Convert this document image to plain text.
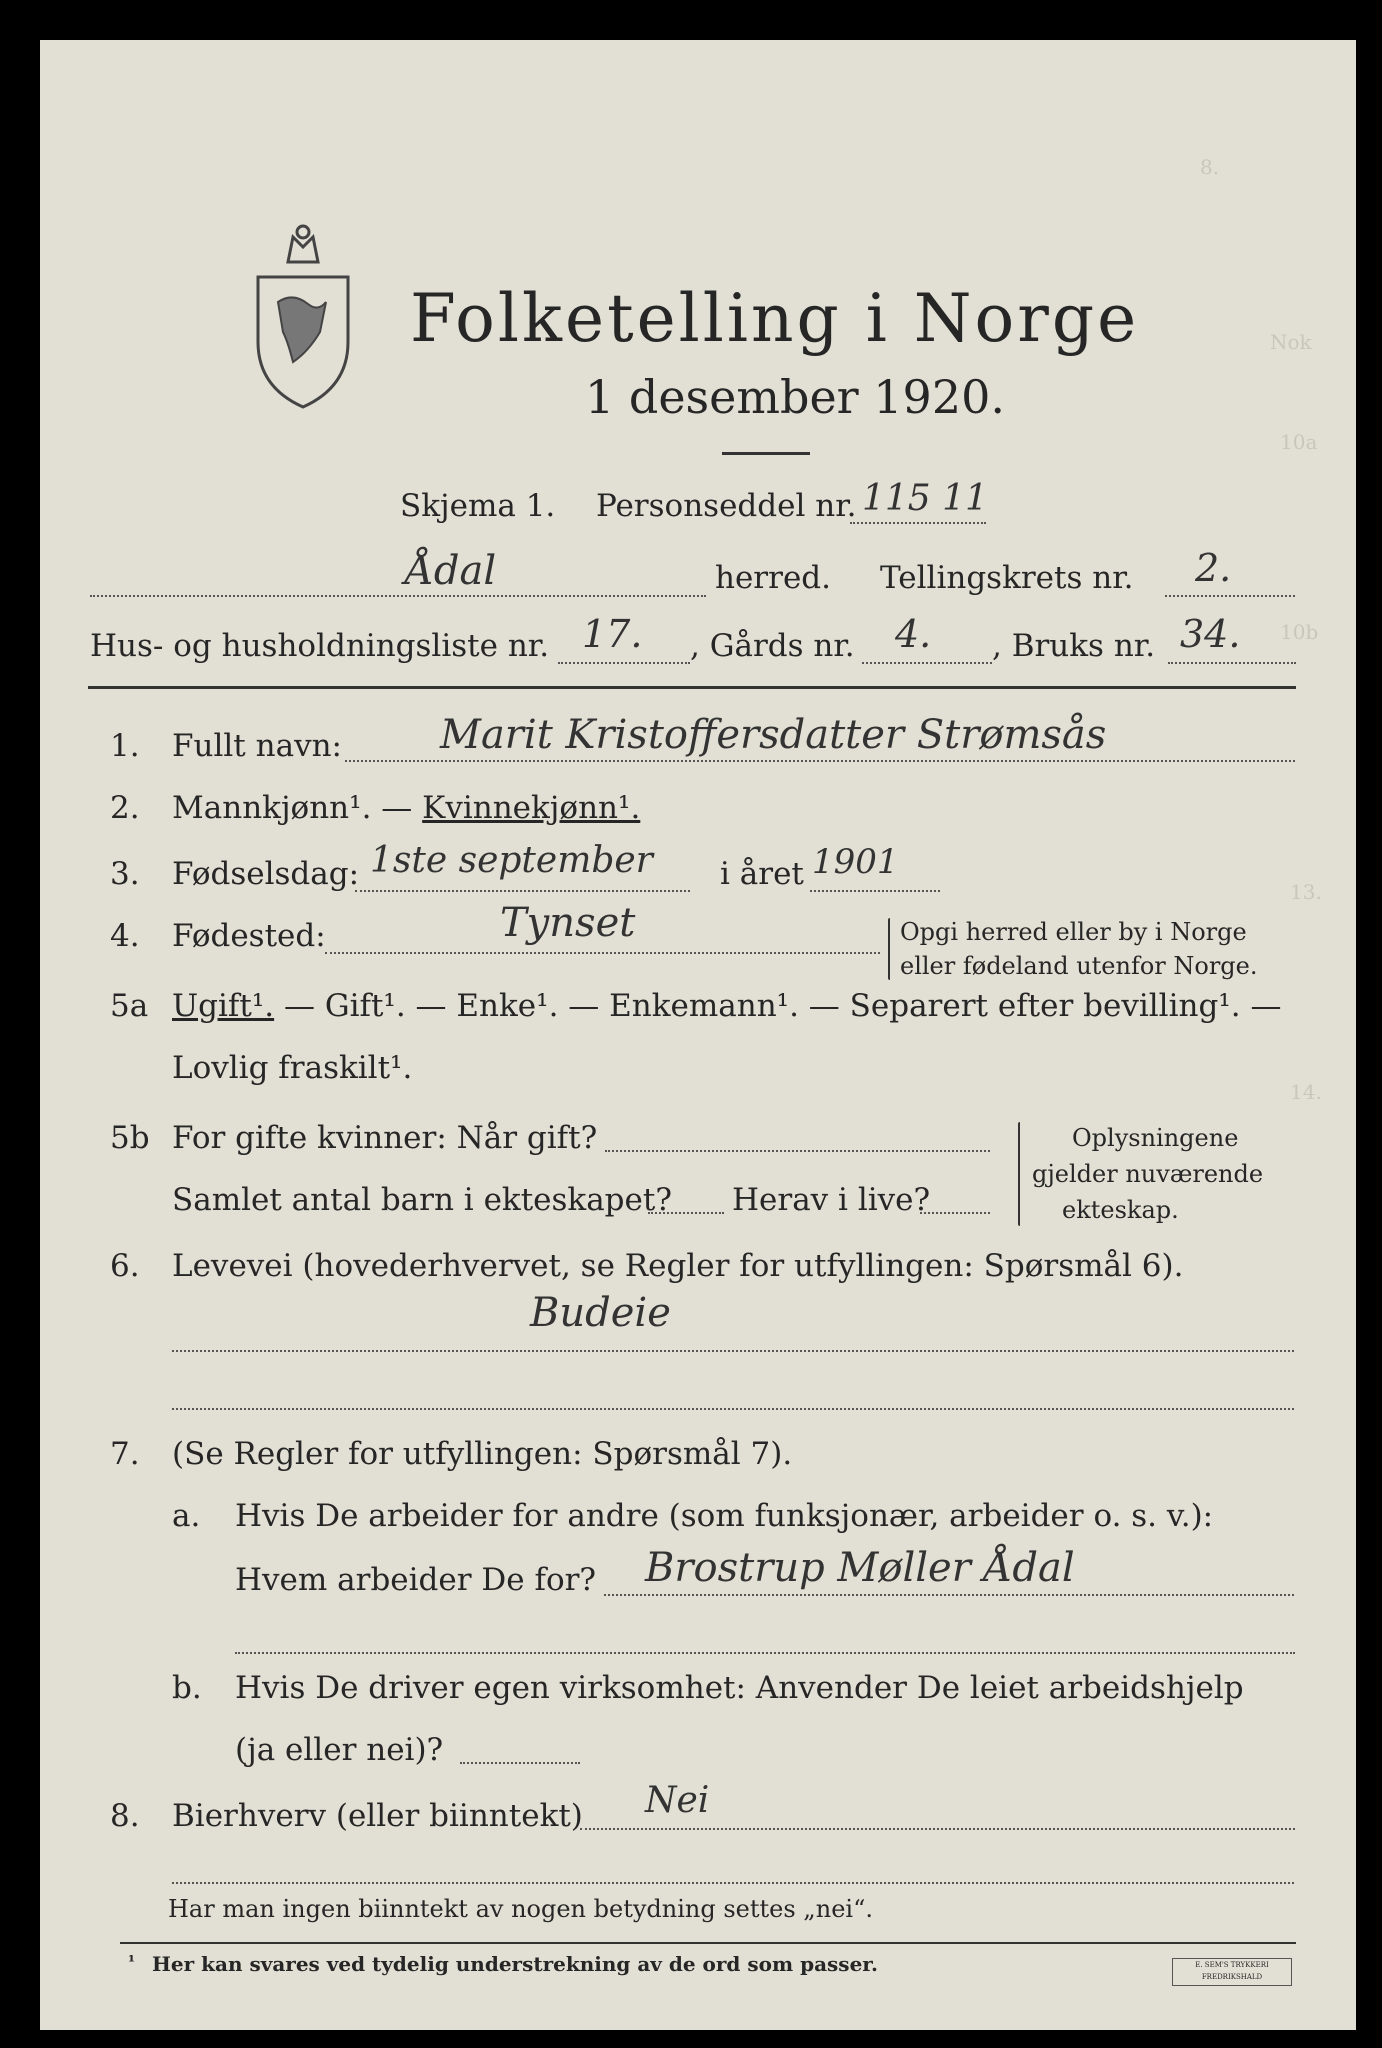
8.
Nok
10a
10b
13.
14.
Folketelling i Norge
1 desember 1920.
Skjema 1. Personseddel nr. 115 11
Ådal	herred. Tellingskrets nr. 2.
Hus- og husholdningsliste nr. 17. , Gårds nr. 4. , Bruks nr. 34.
1. Fullt navn: Marit Kristoffersdatter Strømsås
2. Mannkjønn¹. — Kvinnekjønn¹.
3. Fødselsdag: 1ste september i året 1901
4. Fødested:	Tynset	Opgi herred eller by i Norge
eller fødeland utenfor Norge.
5a Ugift¹. — Gift¹. — Enke¹. — Enkemann¹. — Separert efter bevilling¹. —
Lovlig fraskilt¹.
5b For gifte kvinner: Når gift?
Samlet antal barn i ekteskapet? Herav i live?
Oplysningene
gjelder nuværende
ekteskap.
6. Levevei (hovederhvervet, se Regler for utfyllingen: Spørsmål 6).
Budeie
7. (Se Regler for utfyllingen: Spørsmål 7).
a. Hvis De arbeider for andre (som funksjonær, arbeider o. s. v.):
Hvem arbeider De for? Brostrup Møller Ådal
b. Hvis De driver egen virksomhet: Anvender De leiet arbeidshjelp
(ja eller nei)?
8. Bierhverv (eller biinntekt) Nei
Har man ingen biinntekt av nogen betydning settes „nei“.
¹ Her kan svares ved tydelig understrekning av de ord som passer.	E. SEM'S TRYKKERI FREDRIKSHALD
